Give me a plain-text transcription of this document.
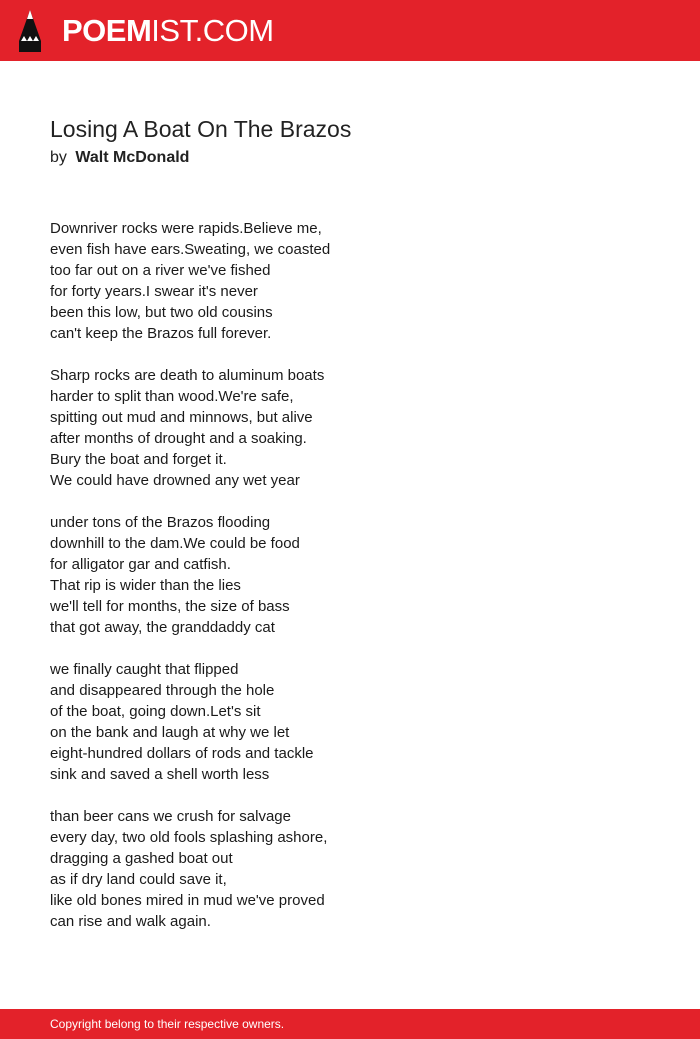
POEMIST.COM
Losing A Boat On The Brazos
by Walt McDonald
Downriver rocks were rapids.Believe me,
even fish have ears.Sweating, we coasted
too far out on a river we've fished
for forty years.I swear it's never
been this low, but two old cousins
can't keep the Brazos full forever.
Sharp rocks are death to aluminum boats
harder to split than wood.We're safe,
spitting out mud and minnows, but alive
after months of drought and a soaking.
Bury the boat and forget it.
We could have drowned any wet year
under tons of the Brazos flooding
downhill to the dam.We could be food
for alligator gar and catfish.
That rip is wider than the lies
we'll tell for months, the size of bass
that got away, the granddaddy cat
we finally caught that flipped
and disappeared through the hole
of the boat, going down.Let's sit
on the bank and laugh at why we let
eight-hundred dollars of rods and tackle
sink and saved a shell worth less
than beer cans we crush for salvage
every day, two old fools splashing ashore,
dragging a gashed boat out
as if dry land could save it,
like old bones mired in mud we've proved
can rise and walk again.
Copyright belong to their respective owners.
